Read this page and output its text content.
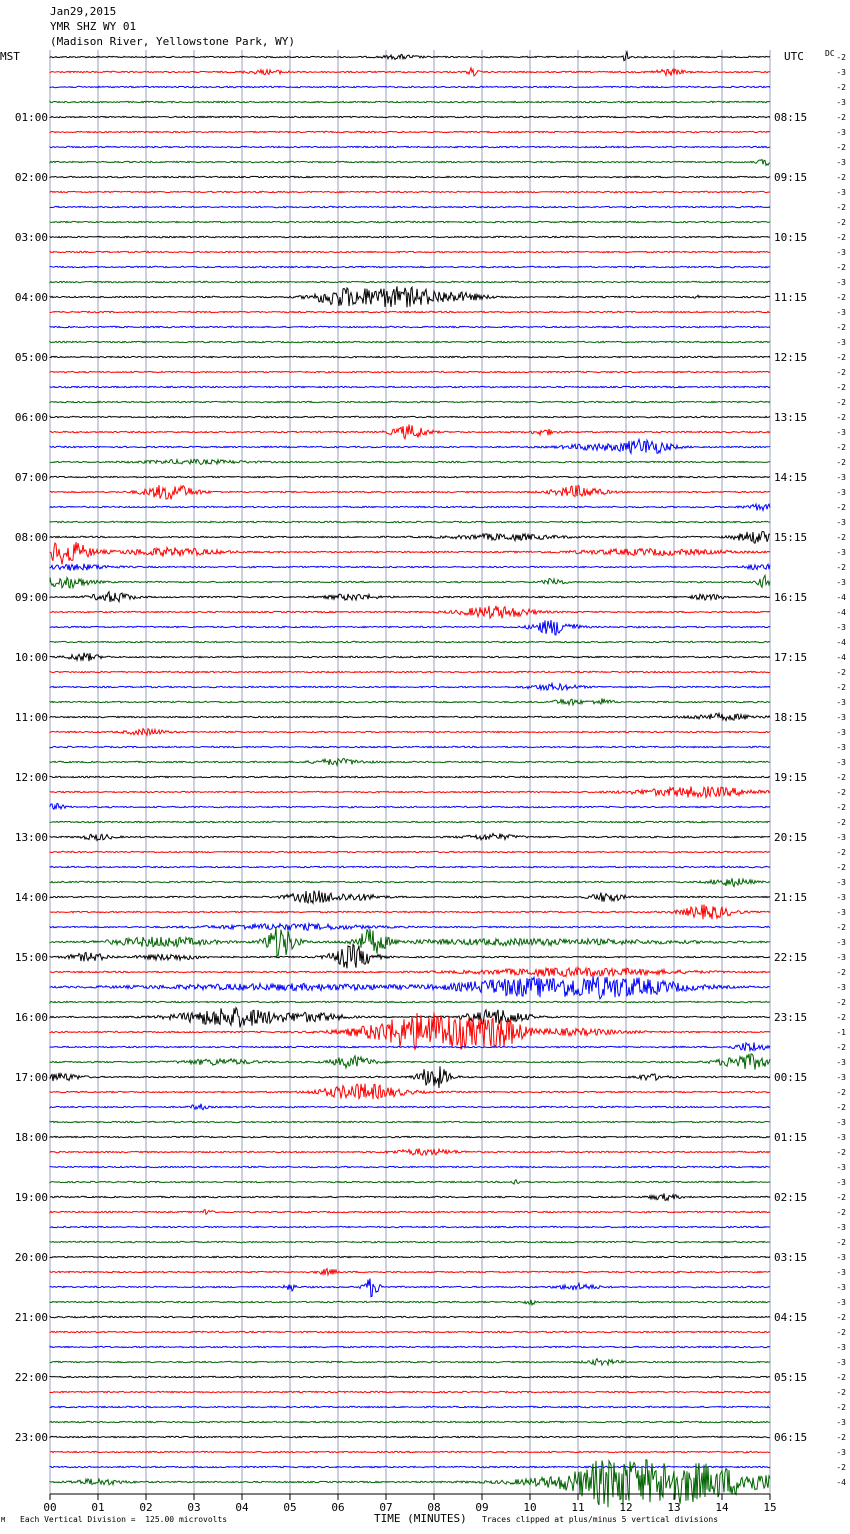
Jan29,2015
YMR SHZ WY 01
(Madison River, Yellowstone Park, WY)
MST	UTC	DC
00	01	02	03	04	05	06	07	08	09	10	11	12	13	14	15
01:00
02:00
03:00
04:00
05:00
06:00
07:00
08:00
09:00
10:00
11:00
12:00
13:00
14:00
15:00
16:00
17:00
18:00
19:00
20:00
21:00
22:00
23:00
08:15
09:15
10:15
11:15
12:15
13:15
14:15
15:15
16:15
17:15
18:15
19:15
20:15
21:15
22:15
23:15
00:15
01:15
02:15
03:15
04:15
05:15
06:15
-2
-3
-2
-3
-2
-3
-2
-3
-2
-3
-2
-2
-2
-3
-2
-3
-2
-3
-2
-3
-2
-2
-2
-2
-2
-3
-2
-2
-3
-3
-2
-3
-2
-3
-2
-3
-4
-4
-3
-4
-4
-2
-2
-3
-3
-3
-3
-3
-2
-2
-2
-2
-3
-2
-2
-3
-3
-3
-2
-3
-3
-2
-3
-2
-2
-1
-2
-3
-3
-2
-2
-3
-3
-2
-3
-3
-2
-2
-3
-2
-3
-3
-3
-3
-2
-2
-3
-3
-2
-2
-2
-3
-2
-3
-2
-4
M Each Vertical Division =  125.00 microvolts	TIME (MINUTES) Traces clipped at plus/minus 5 vertical divisions
